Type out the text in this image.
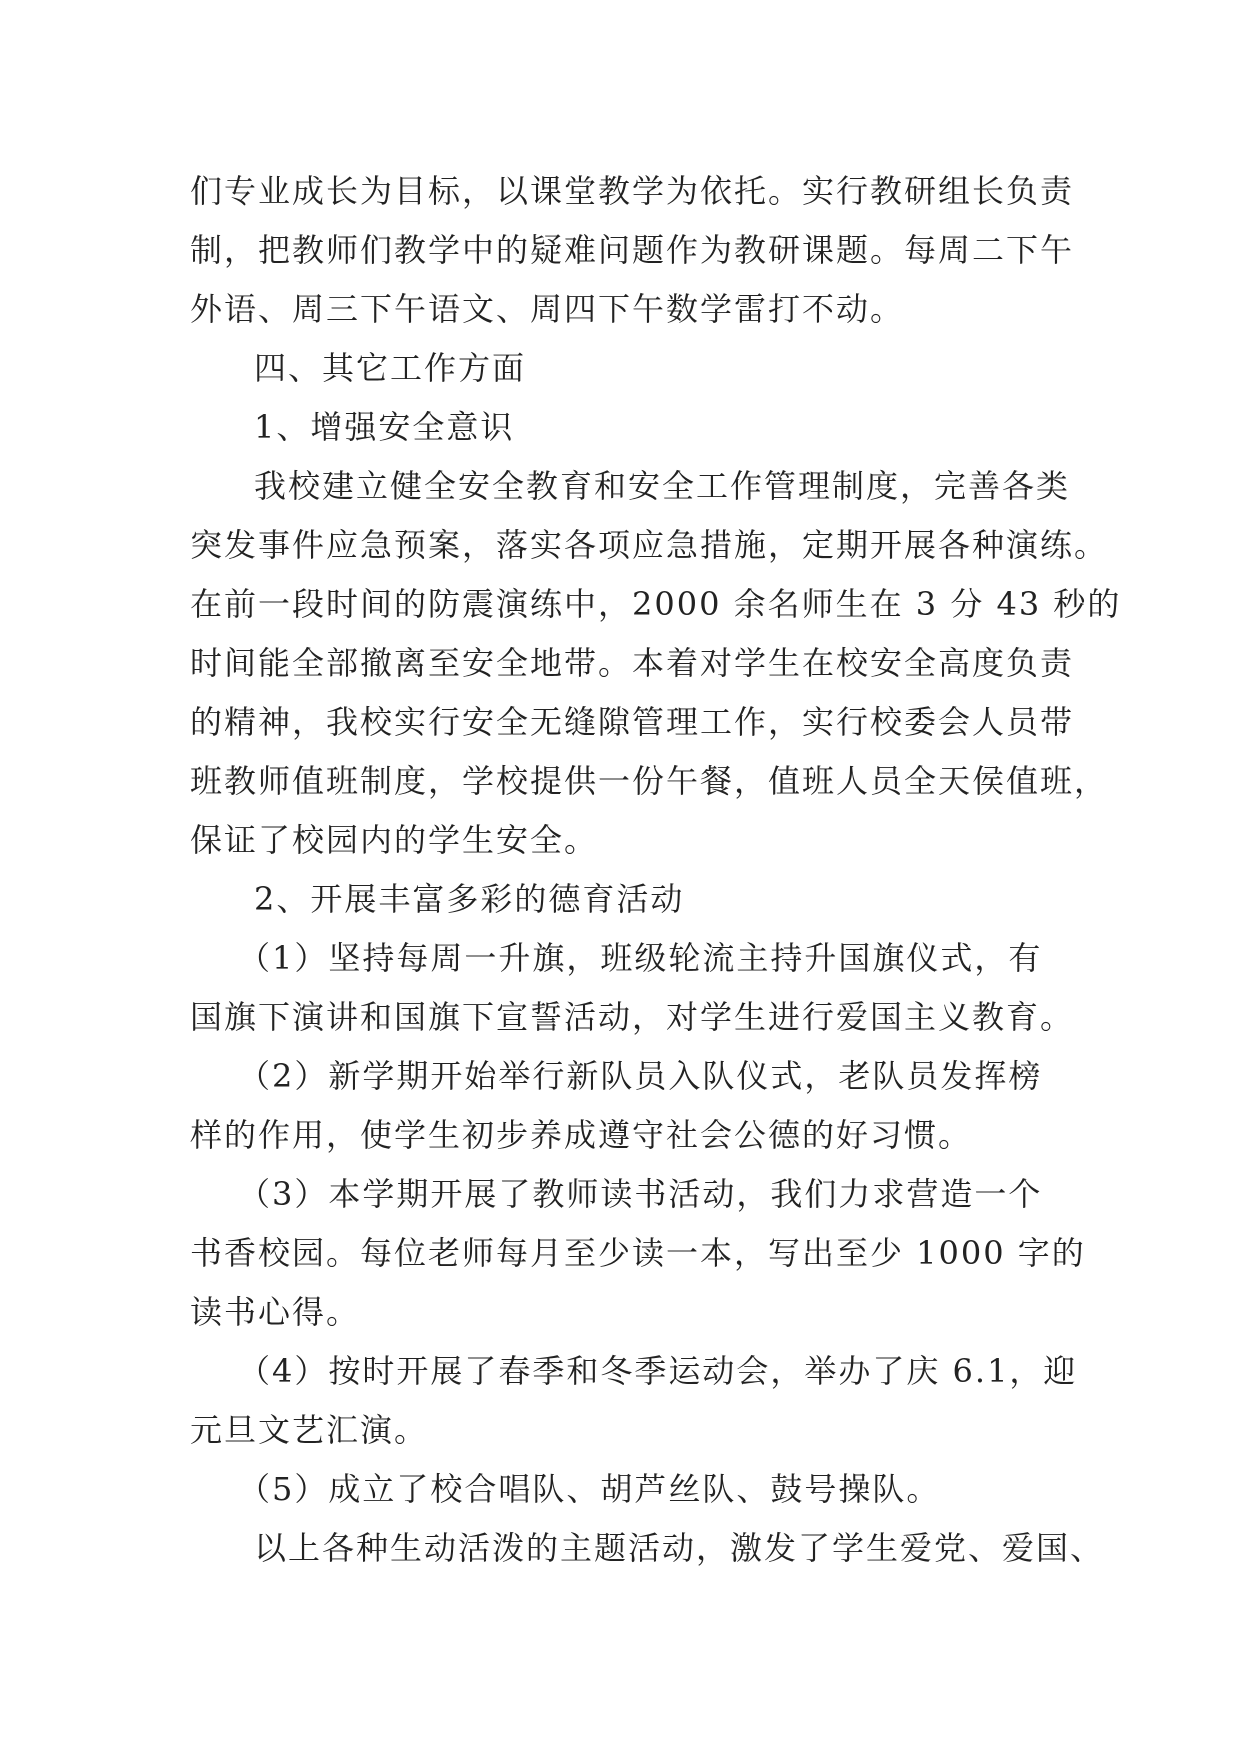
们专业成长为目标，以课堂教学为依托。实行教研组长负责
制，把教师们教学中的疑难问题作为教研课题。每周二下午
外语、周三下午语文、周四下午数学雷打不动。
四、其它工作方面
1、增强安全意识
我校建立健全安全教育和安全工作管理制度，完善各类
突发事件应急预案，落实各项应急措施，定期开展各种演练。
在前一段时间的防震演练中，2000 余名师生在 3 分 43 秒的
时间能全部撤离至安全地带。本着对学生在校安全高度负责
的精神，我校实行安全无缝隙管理工作，实行校委会人员带
班教师值班制度，学校提供一份午餐，值班人员全天侯值班，
保证了校园内的学生安全。
2、开展丰富多彩的德育活动
（1）坚持每周一升旗，班级轮流主持升国旗仪式，有
国旗下演讲和国旗下宣誓活动，对学生进行爱国主义教育。
（2）新学期开始举行新队员入队仪式，老队员发挥榜
样的作用，使学生初步养成遵守社会公德的好习惯。
（3）本学期开展了教师读书活动，我们力求营造一个
书香校园。每位老师每月至少读一本，写出至少 1000 字的
读书心得。
（4）按时开展了春季和冬季运动会，举办了庆 6.1，迎
元旦文艺汇演。
（5）成立了校合唱队、胡芦丝队、鼓号操队。
以上各种生动活泼的主题活动，激发了学生爱党、爱国、
